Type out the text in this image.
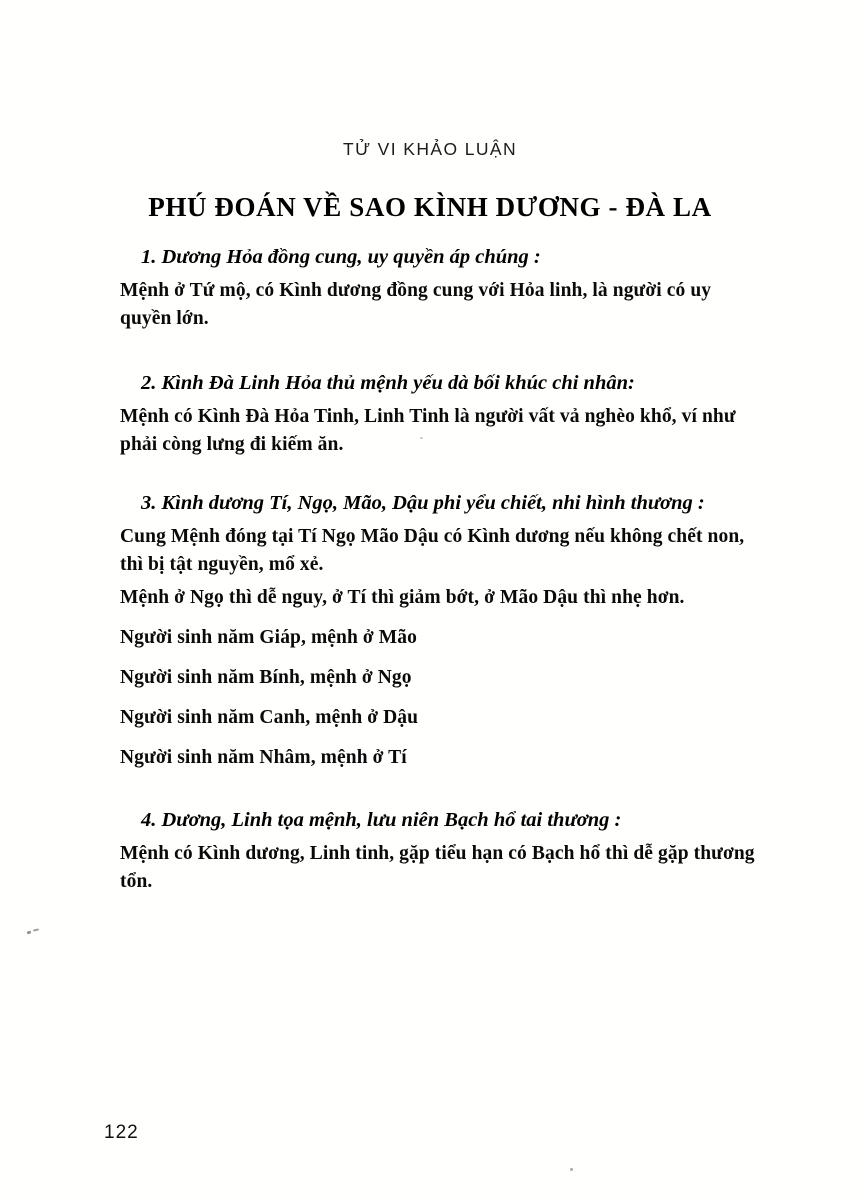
TỬ VI KHẢO LUẬN
PHÚ ĐOÁN VỀ SAO KÌNH DƯƠNG - ĐÀ LA

1. Dương Hỏa đồng cung, uy quyền áp chúng :

Mệnh ở Tứ mộ, có Kình dương đồng cung với Hỏa linh, là người có uy quyền lớn.

2. Kình Đà Linh Hỏa thủ mệnh yếu dà bối khúc chi nhân:

Mệnh có Kình Đà Hỏa Tinh, Linh Tinh là người vất vả nghèo khổ, ví như phải còng lưng đi kiếm ăn.

3. Kình dương Tí, Ngọ, Mão, Dậu phi yểu chiết, nhi hình thương :

Cung Mệnh đóng tại Tí Ngọ Mão Dậu có Kình dương nếu không chết non, thì bị tật nguyền, mổ xẻ.

Mệnh ở Ngọ thì dễ nguy, ở Tí thì giảm bớt, ở Mão Dậu thì nhẹ hơn.

Người sinh năm Giáp, mệnh ở Mão

Người sinh năm Bính, mệnh ở Ngọ

Người sinh năm Canh, mệnh ở Dậu

Người sinh năm Nhâm, mệnh ở Tí

4. Dương, Linh tọa mệnh, lưu niên Bạch hổ tai thương :

Mệnh có Kình dương, Linh tinh, gặp tiểu hạn có Bạch hổ thì dễ gặp thương tổn.

122
